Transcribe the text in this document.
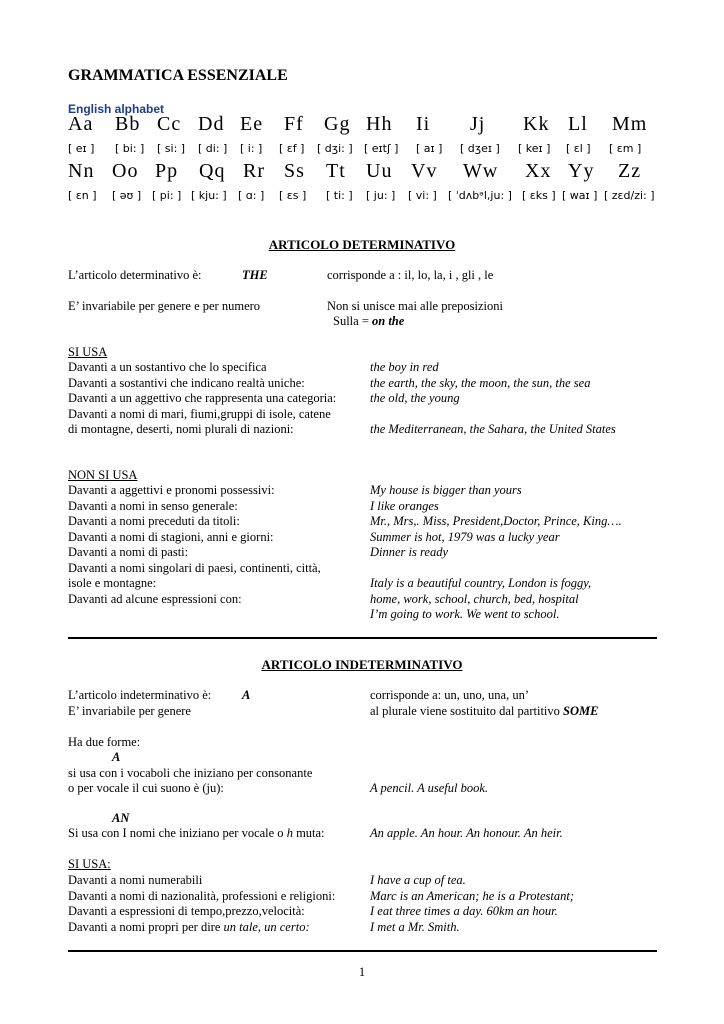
GRAMMATICA ESSENZIALE
English alphabet
Aa Bb Cc Dd Ee Ff Gg Hh Ii Jj Kk Ll Mm
[ eɪ ] [ bi: ] [ si: ] [ di: ] [ i: ] [ ɛf ] [ dʒi: ] [ eɪtʃ ] [ aɪ ] [ dʒeɪ ] [ keɪ ] [ ɛl ] [ ɛm ]
Nn Oo Pp Qq Rr Ss Tt Uu Vv Ww Xx Yy Zz
[ ɛn ] [ əʊ ] [ pi: ] [ kju: ] [ ɑ: ] [ ɛs ] [ ti: ] [ ju: ] [ vi: ] [ ˈdʌbᵊl,ju: ] [ ɛks ] [ waɪ ] [ zɛd/zi: ]
ARTICOLO DETERMINATIVO
L’articolo determinativo è:	THE	corrisponde a : il, lo, la, i , gli , le
E’ invariabile per genere e per numero	Non si unisce mai alle preposizioni
Sulla = on the
SI USA
Davanti a un sostantivo che lo specifica	the boy in red
Davanti a sostantivi che indicano realtà uniche:	the earth, the sky, the moon, the sun, the sea
Davanti a un aggettivo che rappresenta una categoria:	the old, the young
Davanti a nomi di mari, fiumi,gruppi di isole, catene
di montagne, deserti, nomi plurali di nazioni:	the Mediterranean, the Sahara, the United States
NON SI USA
Davanti a aggettivi e pronomi possessivi:	My house is bigger than yours
Davanti a nomi in senso generale:	I like oranges
Davanti a nomi preceduti da titoli:	Mr., Mrs,. Miss, President,Doctor, Prince, King….
Davanti a nomi di stagioni, anni e giorni:	Summer is hot, 1979 was a lucky year
Davanti a nomi di pasti:	Dinner is ready
Davanti a nomi singolari di paesi, continenti, città,
isole e montagne:	Italy is a beautiful country, London is foggy,
Davanti ad alcune espressioni con:	home, work, school, church, bed, hospital
I’m going to work. We went to school.
ARTICOLO INDETERMINATIVO
L’articolo indeterminativo è: A	corrisponde a: un, uno, una, un’
E’ invariabile per genere	al plurale viene sostituito dal partitivo SOME
Ha due forme:
A
si usa con i vocaboli che iniziano per consonante
o per vocale il cui suono è (ju):	A pencil. A useful book.
AN
Si usa con I nomi che iniziano per vocale o h muta:	An apple. An hour. An honour. An heir.
SI USA:
Davanti a nomi numerabili	I have a cup of tea.
Davanti a nomi di nazionalità, professioni e religioni:	Marc is an American; he is a Protestant;
Davanti a espressioni di tempo,prezzo,velocità:	I eat three times a day. 60km an hour.
Davanti a nomi propri per dire un tale, un certo:	I met a Mr. Smith.
1
